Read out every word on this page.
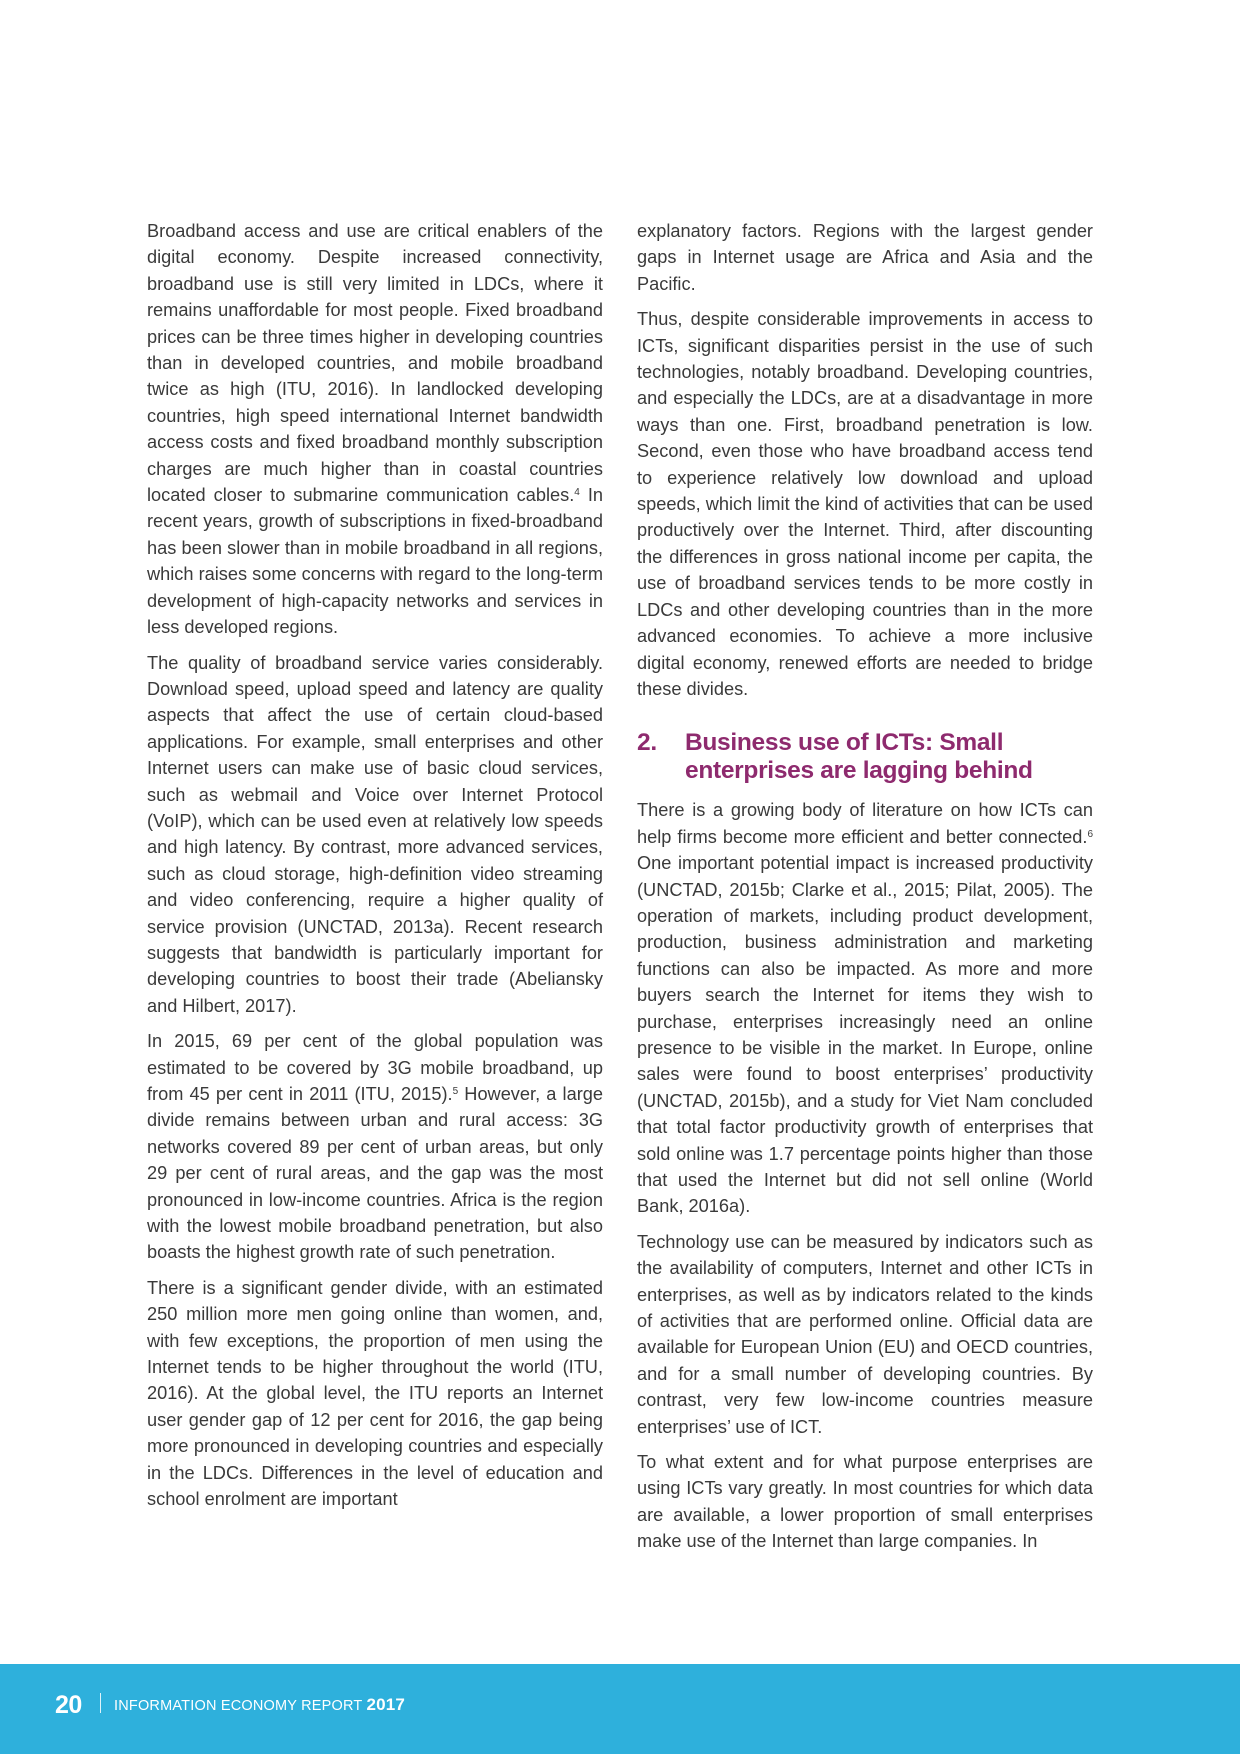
Broadband access and use are critical enablers of the digital economy. Despite increased connectivity, broadband use is still very limited in LDCs, where it remains unaffordable for most people. Fixed broadband prices can be three times higher in developing countries than in developed countries, and mobile broadband twice as high (ITU, 2016). In landlocked developing countries, high speed international Internet bandwidth access costs and fixed broadband monthly subscription charges are much higher than in coastal countries located closer to submarine communication cables.$^4$ In recent years, growth of subscriptions in fixed-broadband has been slower than in mobile broadband in all regions, which raises some concerns with regard to the long-term development of high-capacity networks and services in less developed regions.

The quality of broadband service varies considerably. Download speed, upload speed and latency are quality aspects that affect the use of certain cloud-based applications. For example, small enterprises and other Internet users can make use of basic cloud services, such as webmail and Voice over Internet Protocol (VoIP), which can be used even at relatively low speeds and high latency. By contrast, more advanced services, such as cloud storage, high-definition video streaming and video conferencing, require a higher quality of service provision (UNCTAD, 2013a). Recent research suggests that bandwidth is particularly important for developing countries to boost their trade (Abeliansky and Hilbert, 2017).

In 2015, 69 per cent of the global population was estimated to be covered by 3G mobile broadband, up from 45 per cent in 2011 (ITU, 2015).$^5$ However, a large divide remains between urban and rural access: 3G networks covered 89 per cent of urban areas, but only 29 per cent of rural areas, and the gap was the most pronounced in low-income countries. Africa is the region with the lowest mobile broadband penetration, but also boasts the highest growth rate of such penetration.

There is a significant gender divide, with an estimated 250 million more men going online than women, and, with few exceptions, the proportion of men using the Internet tends to be higher throughout the world (ITU, 2016). At the global level, the ITU reports an Internet user gender gap of 12 per cent for 2016, the gap being more pronounced in developing countries and especially in the LDCs. Differences in the level of education and school enrolment are important

explanatory factors. Regions with the largest gender gaps in Internet usage are Africa and Asia and the Pacific.

Thus, despite considerable improvements in access to ICTs, significant disparities persist in the use of such technologies, notably broadband. Developing countries, and especially the LDCs, are at a disadvantage in more ways than one. First, broadband penetration is low. Second, even those who have broadband access tend to experience relatively low download and upload speeds, which limit the kind of activities that can be used productively over the Internet. Third, after discounting the differences in gross national income per capita, the use of broadband services tends to be more costly in LDCs and other developing countries than in the more advanced economies. To achieve a more inclusive digital economy, renewed efforts are needed to bridge these divides.

2.	Business use of ICTs: Small enterprises are lagging behind

There is a growing body of literature on how ICTs can help firms become more efficient and better connected.$^6$ One important potential impact is increased productivity (UNCTAD, 2015b; Clarke et al., 2015; Pilat, 2005). The operation of markets, including product development, production, business administration and marketing functions can also be impacted. As more and more buyers search the Internet for items they wish to purchase, enterprises increasingly need an online presence to be visible in the market. In Europe, online sales were found to boost enterprises’ productivity (UNCTAD, 2015b), and a study for Viet Nam concluded that total factor productivity growth of enterprises that sold online was 1.7 percentage points higher than those that used the Internet but did not sell online (World Bank, 2016a).

Technology use can be measured by indicators such as the availability of computers, Internet and other ICTs in enterprises, as well as by indicators related to the kinds of activities that are performed online. Official data are available for European Union (EU) and OECD countries, and for a small number of developing countries. By contrast, very few low-income countries measure enterprises’ use of ICT.

To what extent and for what purpose enterprises are using ICTs vary greatly. In most countries for which data are available, a lower proportion of small enterprises make use of the Internet than large companies. In

20 INFORMATION ECONOMY REPORT 2017
